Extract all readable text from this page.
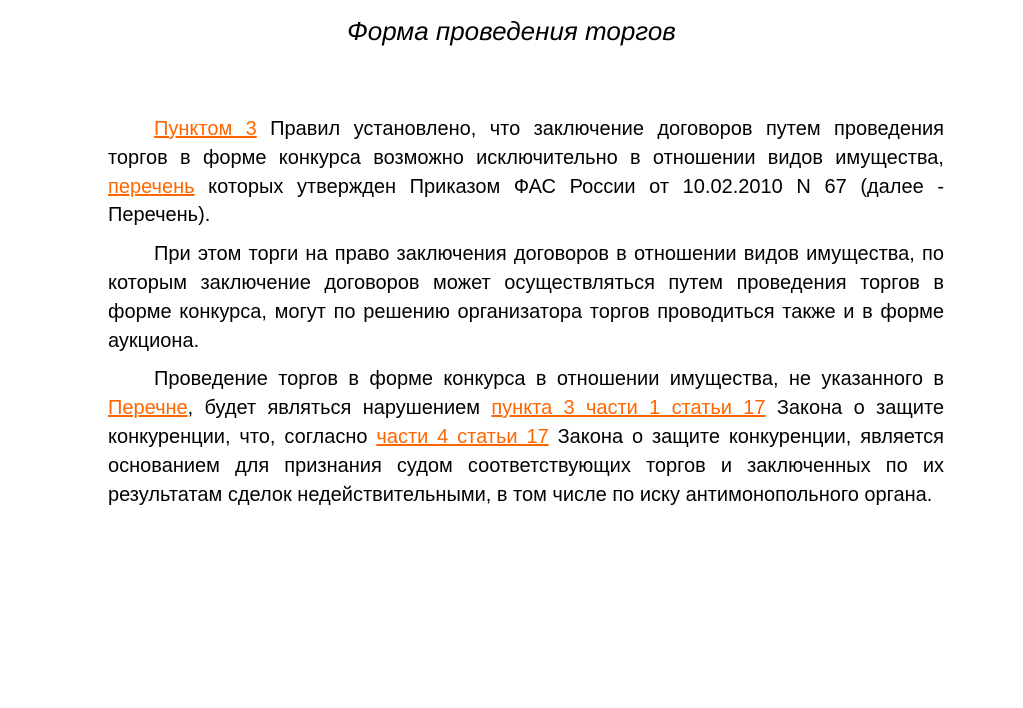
Форма проведения торгов

Пунктом 3 Правил установлено, что заключение договоров путем проведения торгов в форме конкурса возможно исключительно в отношении видов имущества, перечень которых утвержден Приказом ФАС России от 10.02.2010 N 67 (далее - Перечень).

При этом торги на право заключения договоров в отношении видов имущества, по которым заключение договоров может осуществляться путем проведения торгов в форме конкурса, могут по решению организатора торгов проводиться также и в форме аукциона.

Проведение торгов в форме конкурса в отношении имущества, не указанного в Перечне, будет являться нарушением пункта 3 части 1 статьи 17 Закона о защите конкуренции, что, согласно части 4 статьи 17 Закона о защите конкуренции, является основанием для признания судом соответствующих торгов и заключенных по их результатам сделок недействительными, в том числе по иску антимонопольного органа.
